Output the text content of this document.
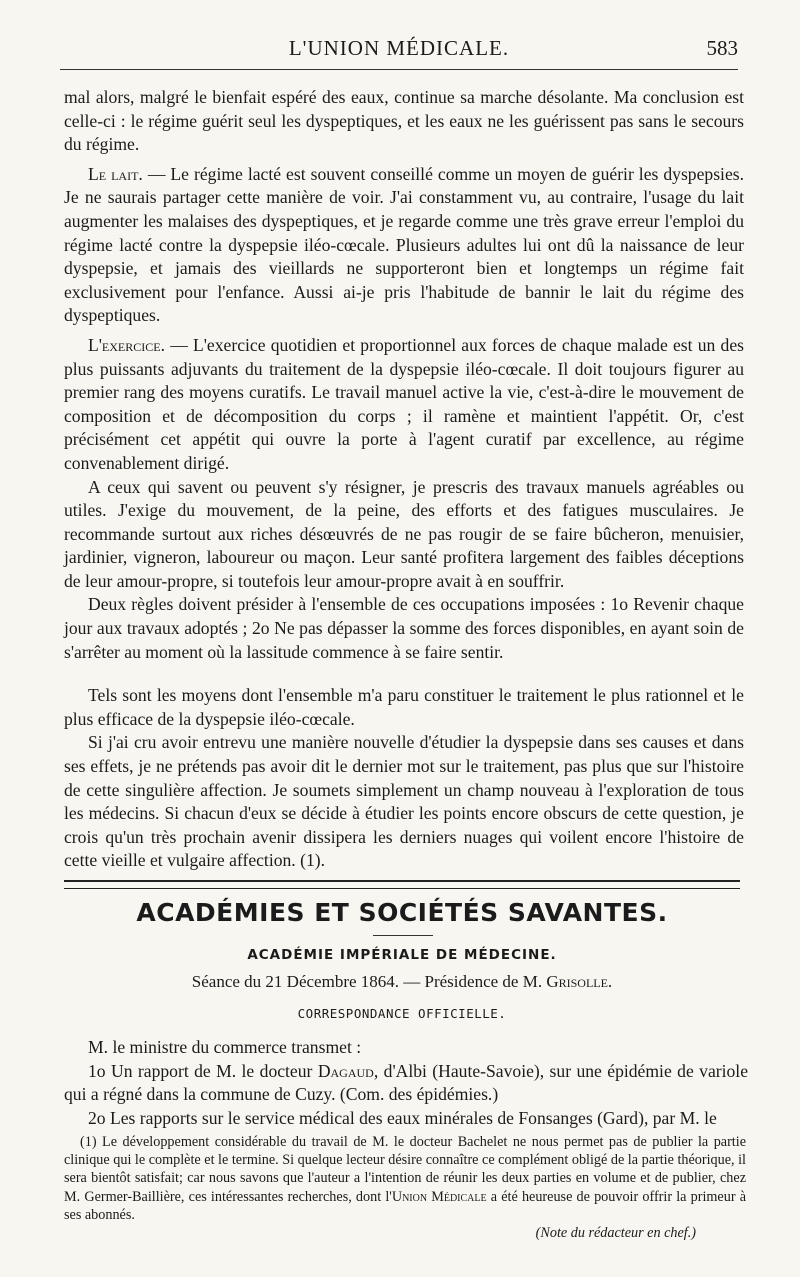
L'UNION MÉDICALE.	583

mal alors, malgré le bienfait espéré des eaux, continue sa marche désolante. Ma conclusion est celle-ci : le régime guérit seul les dyspeptiques, et les eaux ne les guérissent pas sans le secours du régime.

Le lait. — Le régime lacté est souvent conseillé comme un moyen de guérir les dyspepsies. Je ne saurais partager cette manière de voir. J'ai constamment vu, au contraire, l'usage du lait augmenter les malaises des dyspeptiques, et je regarde comme une très grave erreur l'emploi du régime lacté contre la dyspepsie iléo-cœcale. Plusieurs adultes lui ont dû la naissance de leur dyspepsie, et jamais des vieillards ne supporteront bien et longtemps un régime fait exclusivement pour l'enfance. Aussi ai-je pris l'habitude de bannir le lait du régime des dyspeptiques.

L'exercice. — L'exercice quotidien et proportionnel aux forces de chaque malade est un des plus puissants adjuvants du traitement de la dyspepsie iléo-cœcale. Il doit toujours figurer au premier rang des moyens curatifs. Le travail manuel active la vie, c'est-à-dire le mouvement de composition et de décomposition du corps ; il ramène et maintient l'appétit. Or, c'est précisément cet appétit qui ouvre la porte à l'agent curatif par excellence, au régime convenablement dirigé.

A ceux qui savent ou peuvent s'y résigner, je prescris des travaux manuels agréables ou utiles. J'exige du mouvement, de la peine, des efforts et des fatigues musculaires. Je recommande surtout aux riches désœuvrés de ne pas rougir de se faire bûcheron, menuisier, jardinier, vigneron, laboureur ou maçon. Leur santé profitera largement des faibles déceptions de leur amour-propre, si toutefois leur amour-propre avait à en souffrir.

Deux règles doivent présider à l'ensemble de ces occupations imposées : 1o Revenir chaque jour aux travaux adoptés ; 2o Ne pas dépasser la somme des forces disponibles, en ayant soin de s'arrêter au moment où la lassitude commence à se faire sentir.

Tels sont les moyens dont l'ensemble m'a paru constituer le traitement le plus rationnel et le plus efficace de la dyspepsie iléo-cœcale.

Si j'ai cru avoir entrevu une manière nouvelle d'étudier la dyspepsie dans ses causes et dans ses effets, je ne prétends pas avoir dit le dernier mot sur le traitement, pas plus que sur l'histoire de cette singulière affection. Je soumets simplement un champ nouveau à l'exploration de tous les médecins. Si chacun d'eux se décide à étudier les points encore obscurs de cette question, je crois qu'un très prochain avenir dissipera les derniers nuages qui voilent encore l'histoire de cette vieille et vulgaire affection. (1).

ACADÉMIES ET SOCIÉTÉS SAVANTES.
ACADÉMIE IMPÉRIALE DE MÉDECINE.
Séance du 21 Décembre 1864. — Présidence de M. Grisolle.
CORRESPONDANCE OFFICIELLE.

M. le ministre du commerce transmet :

1o Un rapport de M. le docteur Dagaud, d'Albi (Haute-Savoie), sur une épidémie de variole qui a régné dans la commune de Cuzy. (Com. des épidémies.)

2o Les rapports sur le service médical des eaux minérales de Fonsanges (Gard), par M. le

(1) Le développement considérable du travail de M. le docteur Bachelet ne nous permet pas de publier la partie clinique qui le complète et le termine. Si quelque lecteur désire connaître ce complément obligé de la partie théorique, il sera bientôt satisfait; car nous savons que l'auteur a l'intention de réunir les deux parties en volume et de publier, chez M. Germer-Baillière, ces intéressantes recherches, dont l'Union Médicale a été heureuse de pouvoir offrir la primeur à ses abonnés.

(Note du rédacteur en chef.)
